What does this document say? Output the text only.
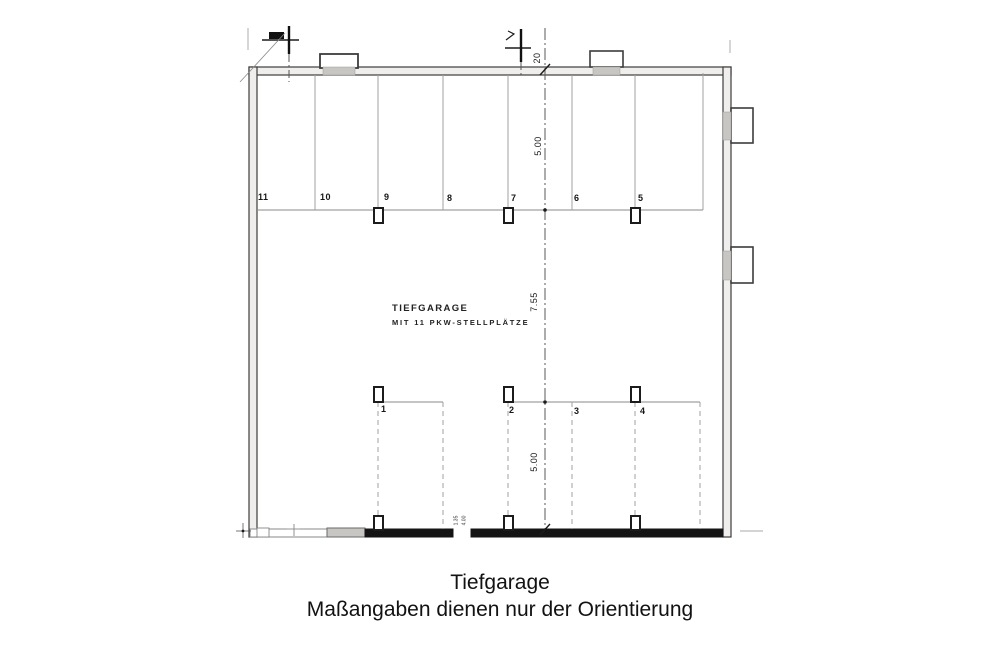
11	10	9	8	7	6	5
1	2	3	4
20
5.00
7.55
5.00
1.35 4.00
TIEFGARAGE
MIT 11 PKW-STELLPLÄTZE
Tiefgarage
Maßangaben dienen nur der Orientierung
